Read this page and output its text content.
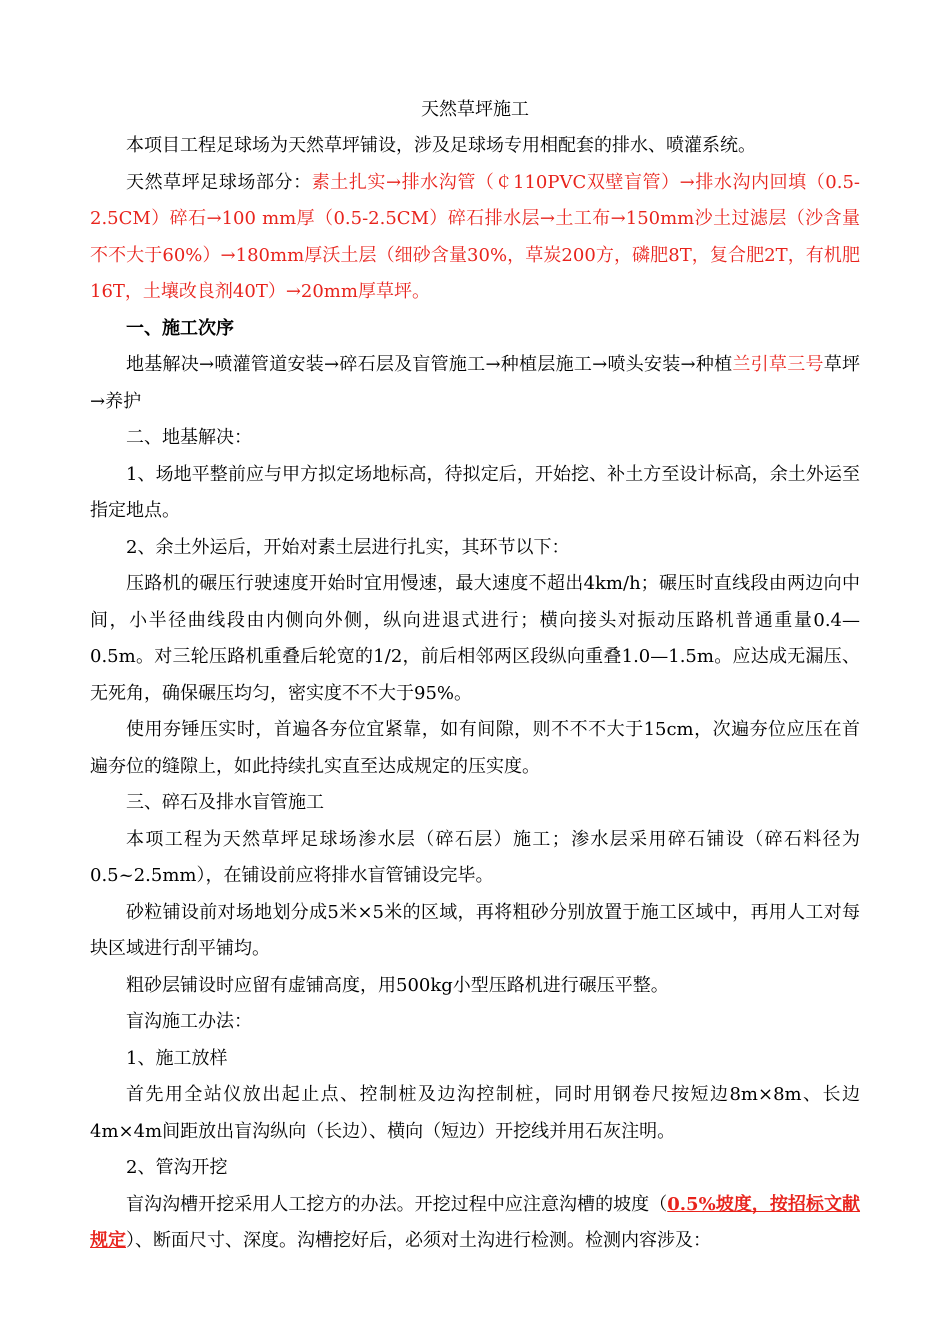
天然草坪施工

本项目工程足球场为天然草坪铺设，涉及足球场专用相配套的排水、喷灌系统。

天然草坪足球场部分：素土扎实→排水沟管（￠110PVC双壁盲管）→排水沟内回填（0.5-2.5CM）碎石→100 mm厚（0.5-2.5CM）碎石排水层→土工布→150mm沙土过滤层（沙含量不不大于60%）→180mm厚沃土层（细砂含量30%，草炭200方，磷肥8T，复合肥2T，有机肥16T，土壤改良剂40T）→20mm厚草坪。

一、施工次序

地基解决→喷灌管道安装→碎石层及盲管施工→种植层施工→喷头安装→种植兰引草三号草坪→养护

二、地基解决：

1、场地平整前应与甲方拟定场地标高，待拟定后，开始挖、补土方至设计标高，余土外运至指定地点。

2、余土外运后，开始对素土层进行扎实，其环节以下：

压路机的碾压行驶速度开始时宜用慢速，最大速度不超出4km/h；碾压时直线段由两边向中间，小半径曲线段由内侧向外侧，纵向进退式进行；横向接头对振动压路机普通重量0.4—0.5m。对三轮压路机重叠后轮宽的1/2，前后相邻两区段纵向重叠1.0—1.5m。应达成无漏压、无死角，确保碾压均匀，密实度不不大于95%。

使用夯锤压实时，首遍各夯位宜紧靠，如有间隙，则不不不大于15cm，次遍夯位应压在首遍夯位的缝隙上，如此持续扎实直至达成规定的压实度。

三、碎石及排水盲管施工

本项工程为天然草坪足球场渗水层（碎石层）施工；渗水层采用碎石铺设（碎石料径为0.5~2.5mm），在铺设前应将排水盲管铺设完毕。

砂粒铺设前对场地划分成5米×5米的区域，再将粗砂分别放置于施工区域中，再用人工对每块区域进行刮平铺均。

粗砂层铺设时应留有虚铺高度，用500kg小型压路机进行碾压平整。

盲沟施工办法：

1、施工放样

首先用全站仪放出起止点、控制桩及边沟控制桩，同时用钢卷尺按短边8m×8m、长边4m×4m间距放出盲沟纵向（长边）、横向（短边）开挖线并用石灰注明。

2、管沟开挖

盲沟沟槽开挖采用人工挖方的办法。开挖过程中应注意沟槽的坡度（0.5%坡度，按招标文献规定）、断面尺寸、深度。沟槽挖好后，必须对土沟进行检测。检测内容涉及：
